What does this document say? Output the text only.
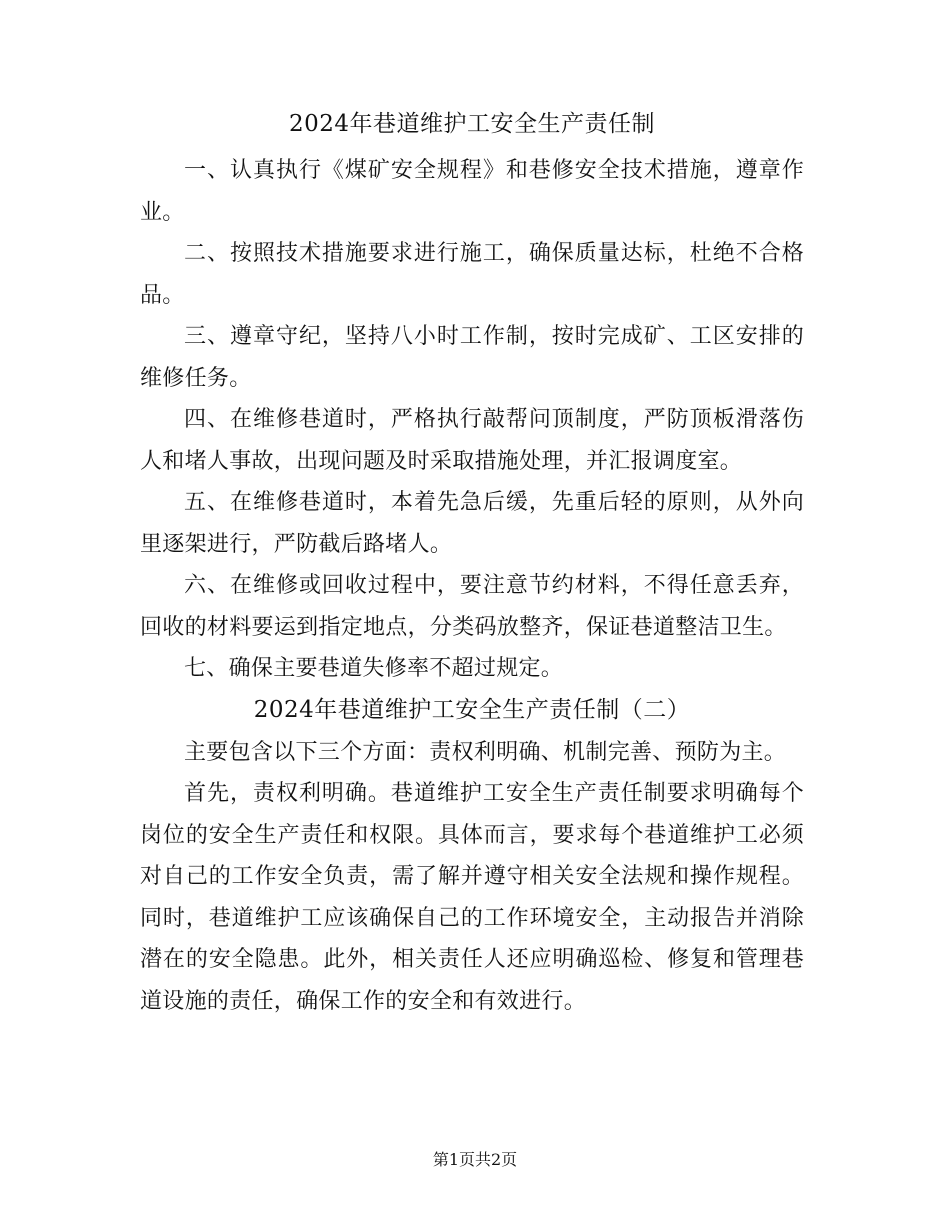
2024年巷道维护工安全生产责任制

一、认真执行《煤矿安全规程》和巷修安全技术措施，遵章作业。

二、按照技术措施要求进行施工，确保质量达标，杜绝不合格品。

三、遵章守纪，坚持八小时工作制，按时完成矿、工区安排的维修任务。

四、在维修巷道时，严格执行敲帮问顶制度，严防顶板滑落伤人和堵人事故，出现问题及时采取措施处理，并汇报调度室。

五、在维修巷道时，本着先急后缓，先重后轻的原则，从外向里逐架进行，严防截后路堵人。

六、在维修或回收过程中，要注意节约材料，不得任意丢弃，回收的材料要运到指定地点，分类码放整齐，保证巷道整洁卫生。

七、确保主要巷道失修率不超过规定。

2024年巷道维护工安全生产责任制（二）

主要包含以下三个方面：责权利明确、机制完善、预防为主。

首先，责权利明确。巷道维护工安全生产责任制要求明确每个岗位的安全生产责任和权限。具体而言，要求每个巷道维护工必须对自己的工作安全负责，需了解并遵守相关安全法规和操作规程。同时，巷道维护工应该确保自己的工作环境安全，主动报告并消除潜在的安全隐患。此外，相关责任人还应明确巡检、修复和管理巷道设施的责任，确保工作的安全和有效进行。

第1页共2页
